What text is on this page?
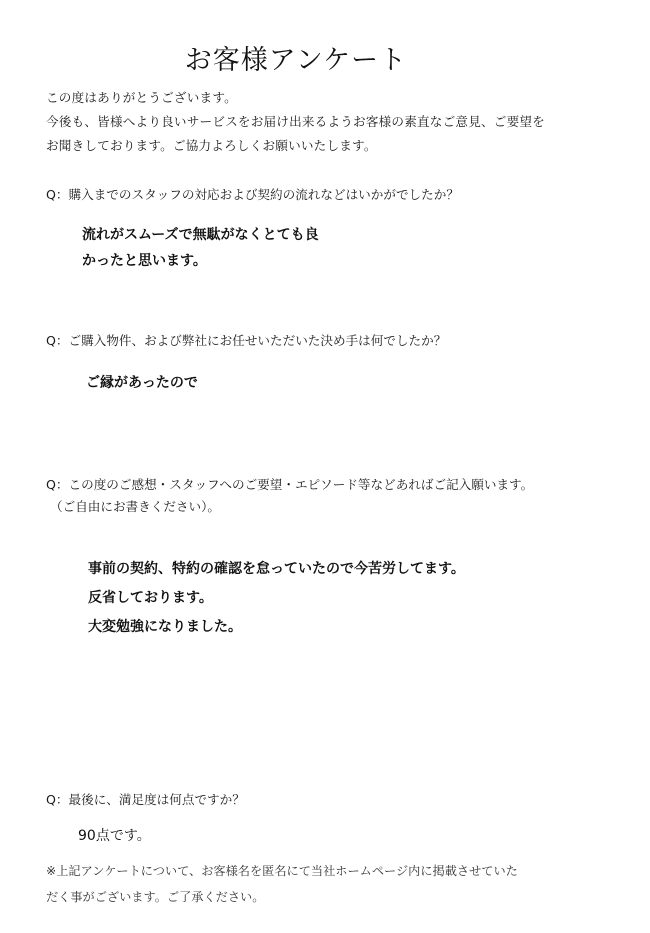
お客様アンケート
この度はありがとうございます。
今後も、皆様へより良いサービスをお届け出来るようお客様の素直なご意見、ご要望を
お聞きしております。ご協力よろしくお願いいたします。
Q：購入までのスタッフの対応および契約の流れなどはいかがでしたか？
流れがスムーズで無駄がなくとても良
かったと思います。
Q：ご購入物件、および弊社にお任せいただいた決め手は何でしたか？
ご縁があったので
Q：この度のご感想・スタッフへのご要望・エピソード等などあればご記入願います。
（ご自由にお書きください）。
事前の契約、特約の確認を怠っていたので今苦労してます。
反省しております。
大変勉強になりました。
Q：最後に、満足度は何点ですか？
90点です。
※上記アンケートについて、お客様名を匿名にて当社ホームページ内に掲載させていた
だく事がございます。ご了承ください。
